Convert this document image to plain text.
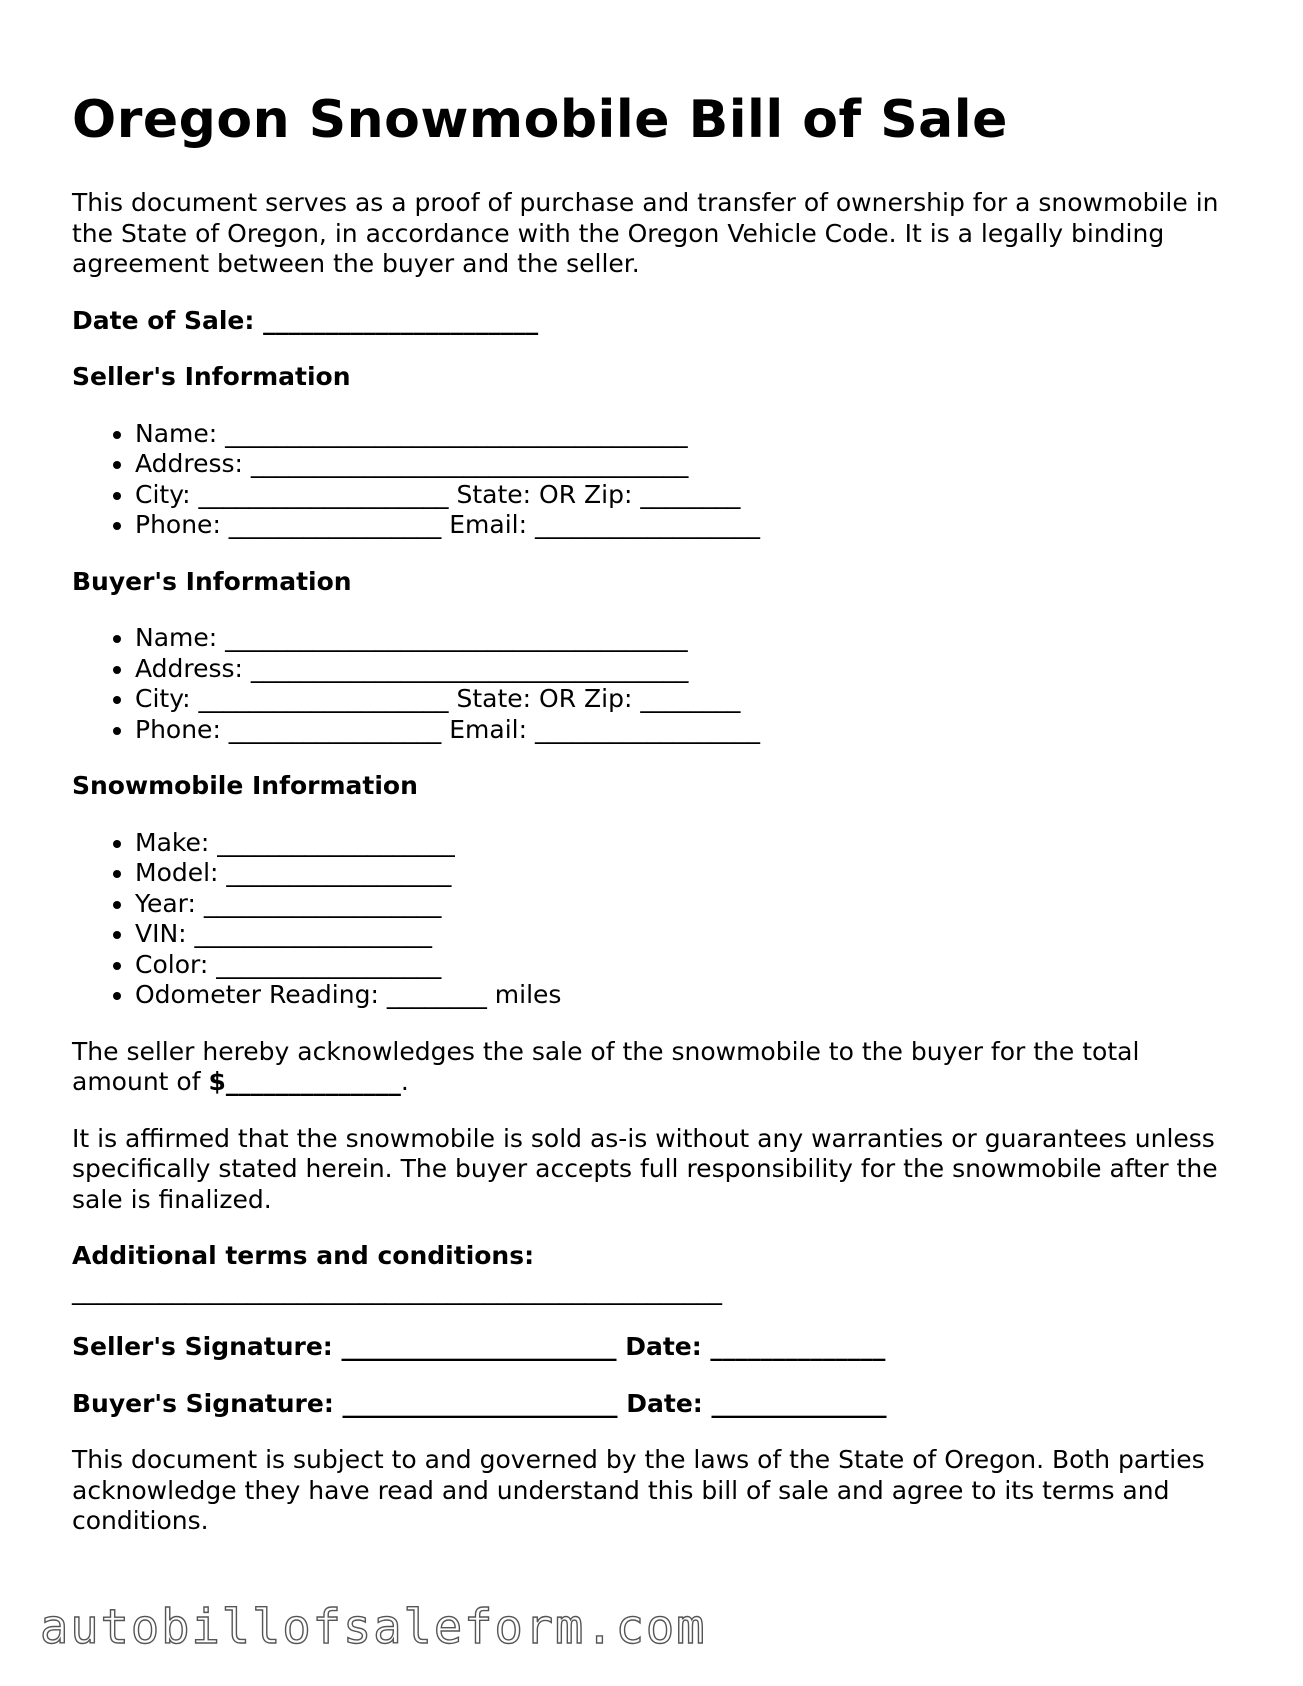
Oregon Snowmobile Bill of Sale

This document serves as a proof of purchase and transfer of ownership for a snowmobile in the State of Oregon, in accordance with the Oregon Vehicle Code. It is a legally binding agreement between the buyer and the seller.

Date of Sale: ______________________

Seller's Information

• Name: _____________________________________
• Address: ___________________________________
• City: ____________________ State: OR Zip: ________
• Phone: _________________ Email: __________________

Buyer's Information

• Name: _____________________________________
• Address: ___________________________________
• City: ____________________ State: OR Zip: ________
• Phone: _________________ Email: __________________

Snowmobile Information

• Make: ___________________
• Model: __________________
• Year: ___________________
• VIN: ___________________
• Color: __________________
• Odometer Reading: ________ miles

The seller hereby acknowledges the sale of the snowmobile to the buyer for the total amount of $______________.

It is affirmed that the snowmobile is sold as-is without any warranties or guarantees unless specifically stated herein. The buyer accepts full responsibility for the snowmobile after the sale is finalized.

Additional terms and conditions:

____________________________________________________

Seller's Signature: ______________________ Date: ______________

Buyer's Signature: ______________________ Date: ______________

This document is subject to and governed by the laws of the State of Oregon. Both parties acknowledge they have read and understand this bill of sale and agree to its terms and conditions.

autobillofsaleform.com
